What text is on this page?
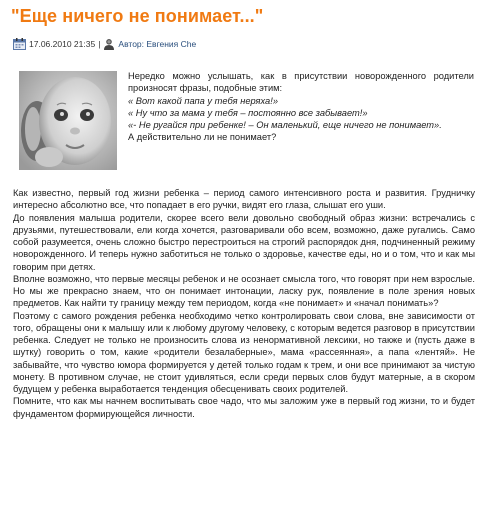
"Еще ничего не понимает..."
17.06.2010 21:35 | Автор: Евгения Che

Нередко можно услышать, как в присутствии новорожденного родители произносят фразы, подобные этим:

« Вот какой папа у тебя неряха!»

« Ну что за мама у тебя – постоянно все забывает!»

«- Не ругайся при ребенке! – Он маленький, еще ничего не понимает».

А действительно ли не понимает?

Как известно, первый год жизни ребенка – период самого интенсивного роста и развития. Грудничку интересно абсолютно все, что попадает в его ручки, видят его глаза, слышат его уши.

До появления малыша родители, скорее всего вели довольно свободный образ жизни: встречались с друзьями, путешествовали, ели когда хочется, разговаривали обо всем, возможно, даже ругались. Само собой разумеется, очень сложно быстро перестроиться на строгий распорядок дня, подчиненный режиму новорожденного. И теперь нужно заботиться не только о здоровье, качестве еды, но и о том, что и как мы говорим при детях.

Вполне возможно, что первые месяцы ребенок и не осознает смысла того, что говорят при нем взрослые. Но мы же прекрасно знаем, что он понимает интонации, ласку рук, появление в поле зрения новых предметов. Как найти ту границу между тем периодом, когда «не понимает» и «начал понимать»?

Поэтому с самого рождения ребенка необходимо четко контролировать свои слова, вне зависимости от того, обращены они к малышу или к любому другому человеку, с которым ведется разговор в присутствии ребенка. Следует не только не произносить слова из ненормативной лексики, но также и (пусть даже в шутку) говорить о том, какие «родители безалаберные», мама «рассеянная», а папа «лентяй». Не забывайте, что чувство юмора формируется у детей только годам к трем, и они все принимают за чистую монету. В противном случае, не стоит удивляться, если среди первых слов будут матерные, а в скором будущем у ребенка выработается тенденция обесценивать своих родителей.

Помните, что как мы начнем воспитывать свое чадо, что мы заложим уже в первый год жизни, то и будет фундаментом формирующейся личности.
